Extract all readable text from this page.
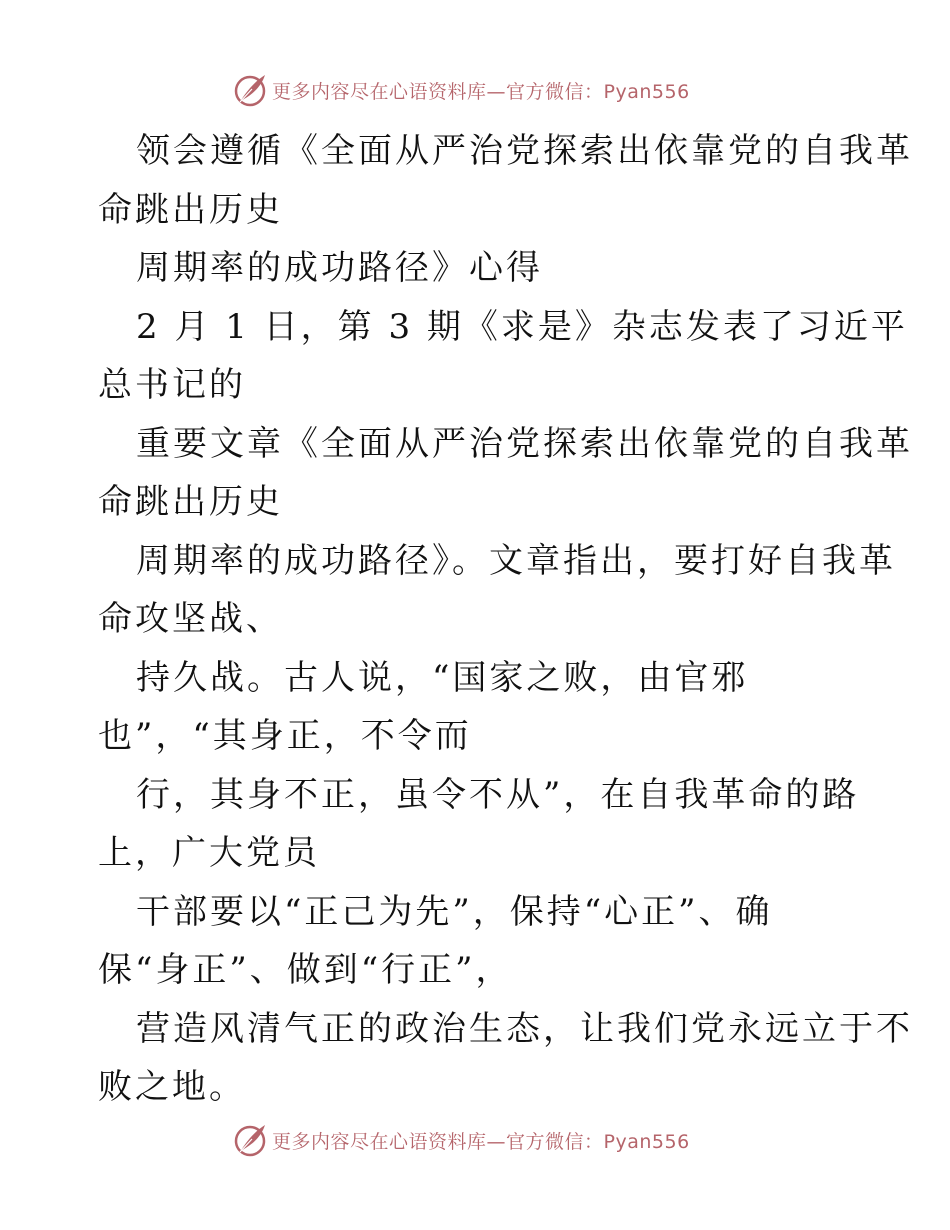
更多内容尽在心语资料库—官方微信：Pyan556
领会遵循《全面从严治党探索出依靠党的自我革
命跳出历史
周期率的成功路径》心得
2 月 1 日，第 3 期《求是》杂志发表了习近平
总书记的
重要文章《全面从严治党探索出依靠党的自我革
命跳出历史
周期率的成功路径》。文章指出，要打好自我革
命攻坚战、
持久战。古人说，“国家之败，由官邪
也”，“其身正，不令而
行，其身不正，虽令不从”，在自我革命的路
上，广大党员
干部要以“正己为先”，保持“心正”、确
保“身正”、做到“行正”，
营造风清气正的政治生态，让我们党永远立于不
败之地。
更多内容尽在心语资料库—官方微信：Pyan556
